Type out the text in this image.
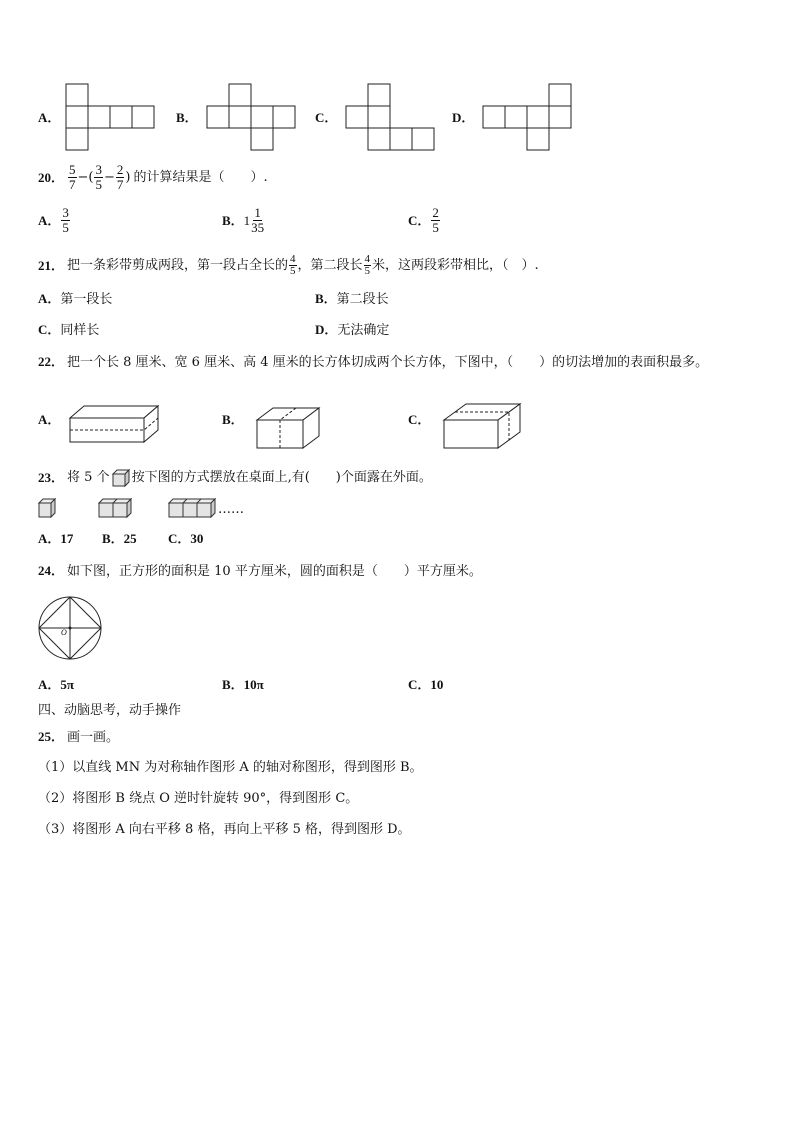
A．	B．	C．	D．
20． $\frac{5}{7}$ −( $\frac{3}{5} - \frac{2}{7}$ ) 的计算结果是（　　）.
A． $\frac{3}{5}$	B． $1 \frac{1}{35}$	C． $\frac{2}{5}$
21． 把一条彩带剪成两段，第一段占全长的 $\frac{4}{5}$ ，第二段长 $\frac{4}{5}$ 米，这两段彩带相比，（　）.
A．第一段长	B．第二段长
C．同样长	D．无法确定
22． 把一个长 8 厘米、宽 6 厘米、高 4 厘米的长方体切成两个长方体，下图中，（　　）的切法增加的表面积最多。
A．	B．	C．
23． 将 5 个 按下图的方式摆放在桌面上,有(　　)个面露在外面。
……
A．17 B．25 C．30
24． 如下图，正方形的面积是 10 平方厘米，圆的面积是（　　）平方厘米。
O
A．5π	B．10π	C．10
四、动脑思考，动手操作
25． 画一画。
（1）以直线 MN 为对称轴作图形 A 的轴对称图形，得到图形 B。
（2）将图形 B 绕点 O 逆时针旋转 90°，得到图形 C。
（3）将图形 A 向右平移 8 格，再向上平移 5 格，得到图形 D。
